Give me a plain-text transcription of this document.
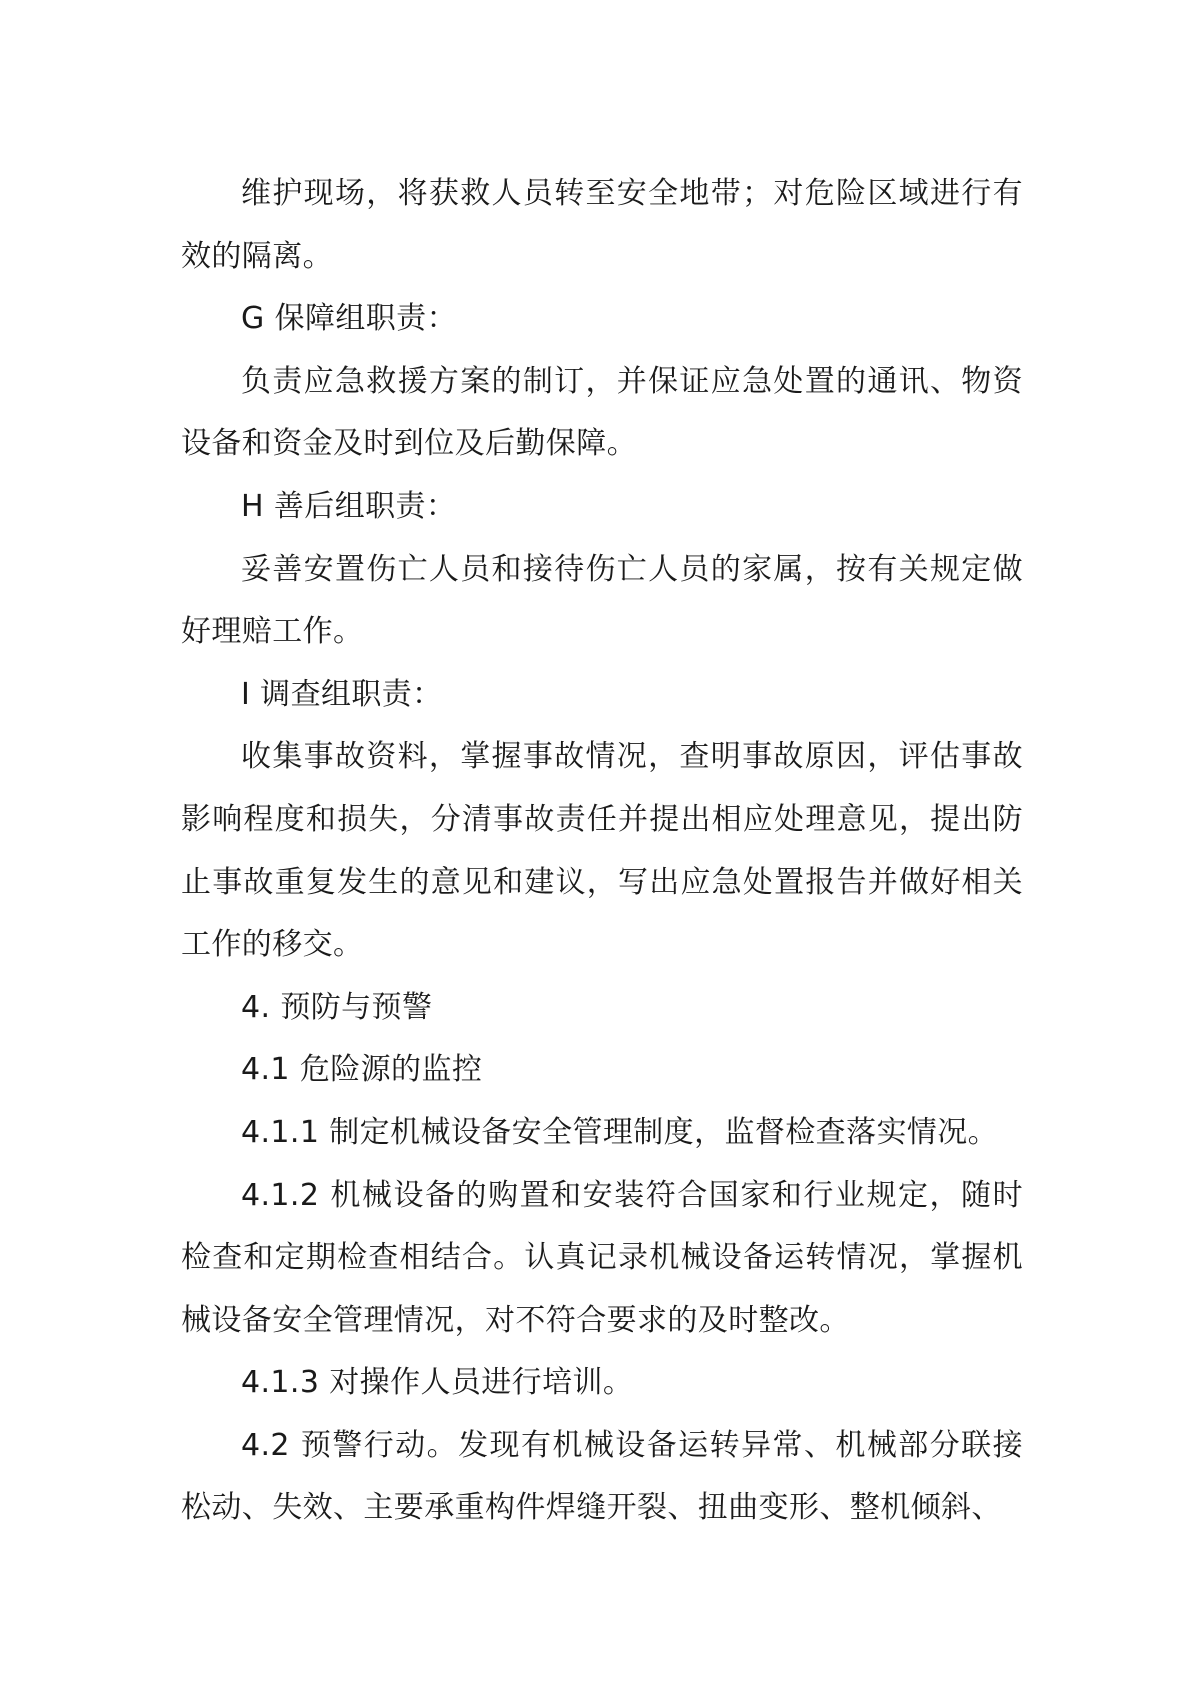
维护现场，将获救人员转至安全地带；对危险区域进行有效的隔离。

G 保障组职责：

负责应急救援方案的制订，并保证应急处置的通讯、物资设备和资金及时到位及后勤保障。

H 善后组职责：

妥善安置伤亡人员和接待伤亡人员的家属，按有关规定做好理赔工作。

I 调查组职责：

收集事故资料，掌握事故情况，查明事故原因，评估事故影响程度和损失，分清事故责任并提出相应处理意见，提出防止事故重复发生的意见和建议，写出应急处置报告并做好相关工作的移交。

4. 预防与预警

4.1 危险源的监控

4.1.1 制定机械设备安全管理制度，监督检查落实情况。

4.1.2 机械设备的购置和安装符合国家和行业规定，随时检查和定期检查相结合。认真记录机械设备运转情况，掌握机械设备安全管理情况，对不符合要求的及时整改。

4.1.3 对操作人员进行培训。

4.2 预警行动。发现有机械设备运转异常、机械部分联接松动、失效、主要承重构件焊缝开裂、扭曲变形、整机倾斜、
